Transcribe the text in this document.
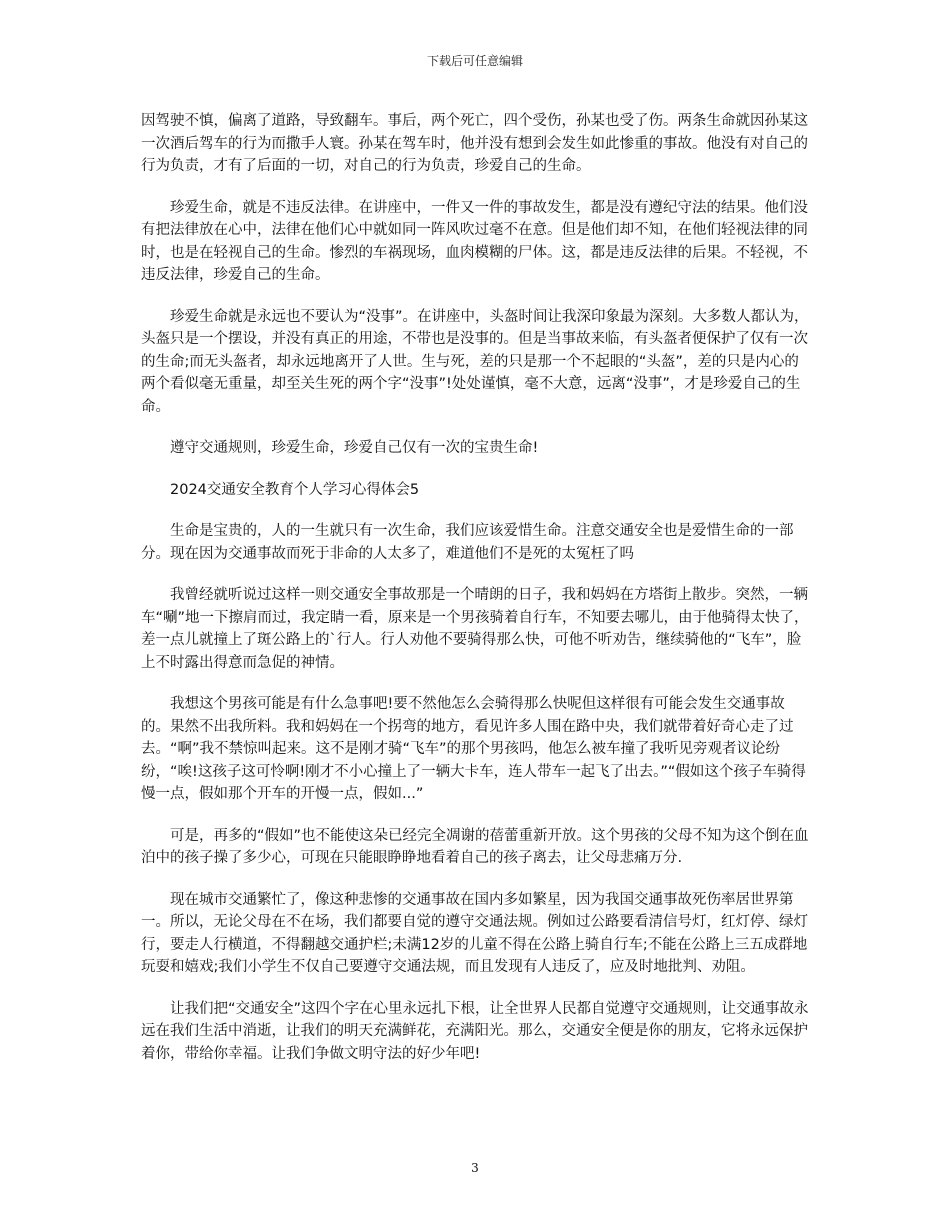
下载后可任意编辑

因驾驶不慎，偏离了道路，导致翻车。事后，两个死亡，四个受伤，孙某也受了伤。两条生命就因孙某这一次酒后驾车的行为而撒手人寰。孙某在驾车时，他并没有想到会发生如此惨重的事故。他没有对自己的行为负责，才有了后面的一切，对自己的行为负责，珍爱自己的生命。

珍爱生命，就是不违反法律。在讲座中，一件又一件的事故发生，都是没有遵纪守法的结果。他们没有把法律放在心中，法律在他们心中就如同一阵风吹过毫不在意。但是他们却不知，在他们轻视法律的同时，也是在轻视自己的生命。惨烈的车祸现场，血肉模糊的尸体。这，都是违反法律的后果。不轻视，不违反法律，珍爱自己的生命。

珍爱生命就是永远也不要认为“没事”。在讲座中，头盔时间让我深印象最为深刻。大多数人都认为，头盔只是一个摆设，并没有真正的用途，不带也是没事的。但是当事故来临，有头盔者便保护了仅有一次的生命;而无头盔者，却永远地离开了人世。生与死，差的只是那一个不起眼的“头盔”，差的只是内心的两个看似毫无重量，却至关生死的两个字“没事”!处处谨慎，毫不大意，远离“没事”，才是珍爱自己的生命。

遵守交通规则，珍爱生命，珍爱自己仅有一次的宝贵生命!

2024交通安全教育个人学习心得体会5

生命是宝贵的，人的一生就只有一次生命，我们应该爱惜生命。注意交通安全也是爱惜生命的一部分。现在因为交通事故而死于非命的人太多了，难道他们不是死的太冤枉了吗

我曾经就听说过这样一则交通安全事故那是一个晴朗的日子，我和妈妈在方塔街上散步。突然，一辆车“唰”地一下擦肩而过，我定睛一看，原来是一个男孩骑着自行车，不知要去哪儿，由于他骑得太快了，差一点儿就撞上了斑公路上的`行人。行人劝他不要骑得那么快，可他不听劝告，继续骑他的“飞车”，脸上不时露出得意而急促的神情。

我想这个男孩可能是有什么急事吧!要不然他怎么会骑得那么快呢但这样很有可能会发生交通事故的。果然不出我所料。我和妈妈在一个拐弯的地方，看见许多人围在路中央，我们就带着好奇心走了过去。“啊”我不禁惊叫起来。这不是刚才骑“飞车”的那个男孩吗，他怎么被车撞了我听见旁观者议论纷纷，“唉!这孩子这可怜啊!刚才不小心撞上了一辆大卡车，连人带车一起飞了出去。”“假如这个孩子车骑得慢一点，假如那个开车的开慢一点，假如...”

可是，再多的“假如”也不能使这朵已经完全凋谢的蓓蕾重新开放。这个男孩的父母不知为这个倒在血泊中的孩子操了多少心，可现在只能眼睁睁地看着自己的孩子离去，让父母悲痛万分.

现在城市交通繁忙了，像这种悲惨的交通事故在国内多如繁星，因为我国交通事故死伤率居世界第一。所以，无论父母在不在场，我们都要自觉的遵守交通法规。例如过公路要看清信号灯，红灯停、绿灯行，要走人行横道，不得翻越交通护栏;未满12岁的儿童不得在公路上骑自行车;不能在公路上三五成群地玩耍和嬉戏;我们小学生不仅自己要遵守交通法规，而且发现有人违反了，应及时地批判、劝阻。

让我们把“交通安全”这四个字在心里永远扎下根，让全世界人民都自觉遵守交通规则，让交通事故永远在我们生活中消逝，让我们的明天充满鲜花，充满阳光。那么，交通安全便是你的朋友，它将永远保护着你，带给你幸福。让我们争做文明守法的好少年吧!

3
